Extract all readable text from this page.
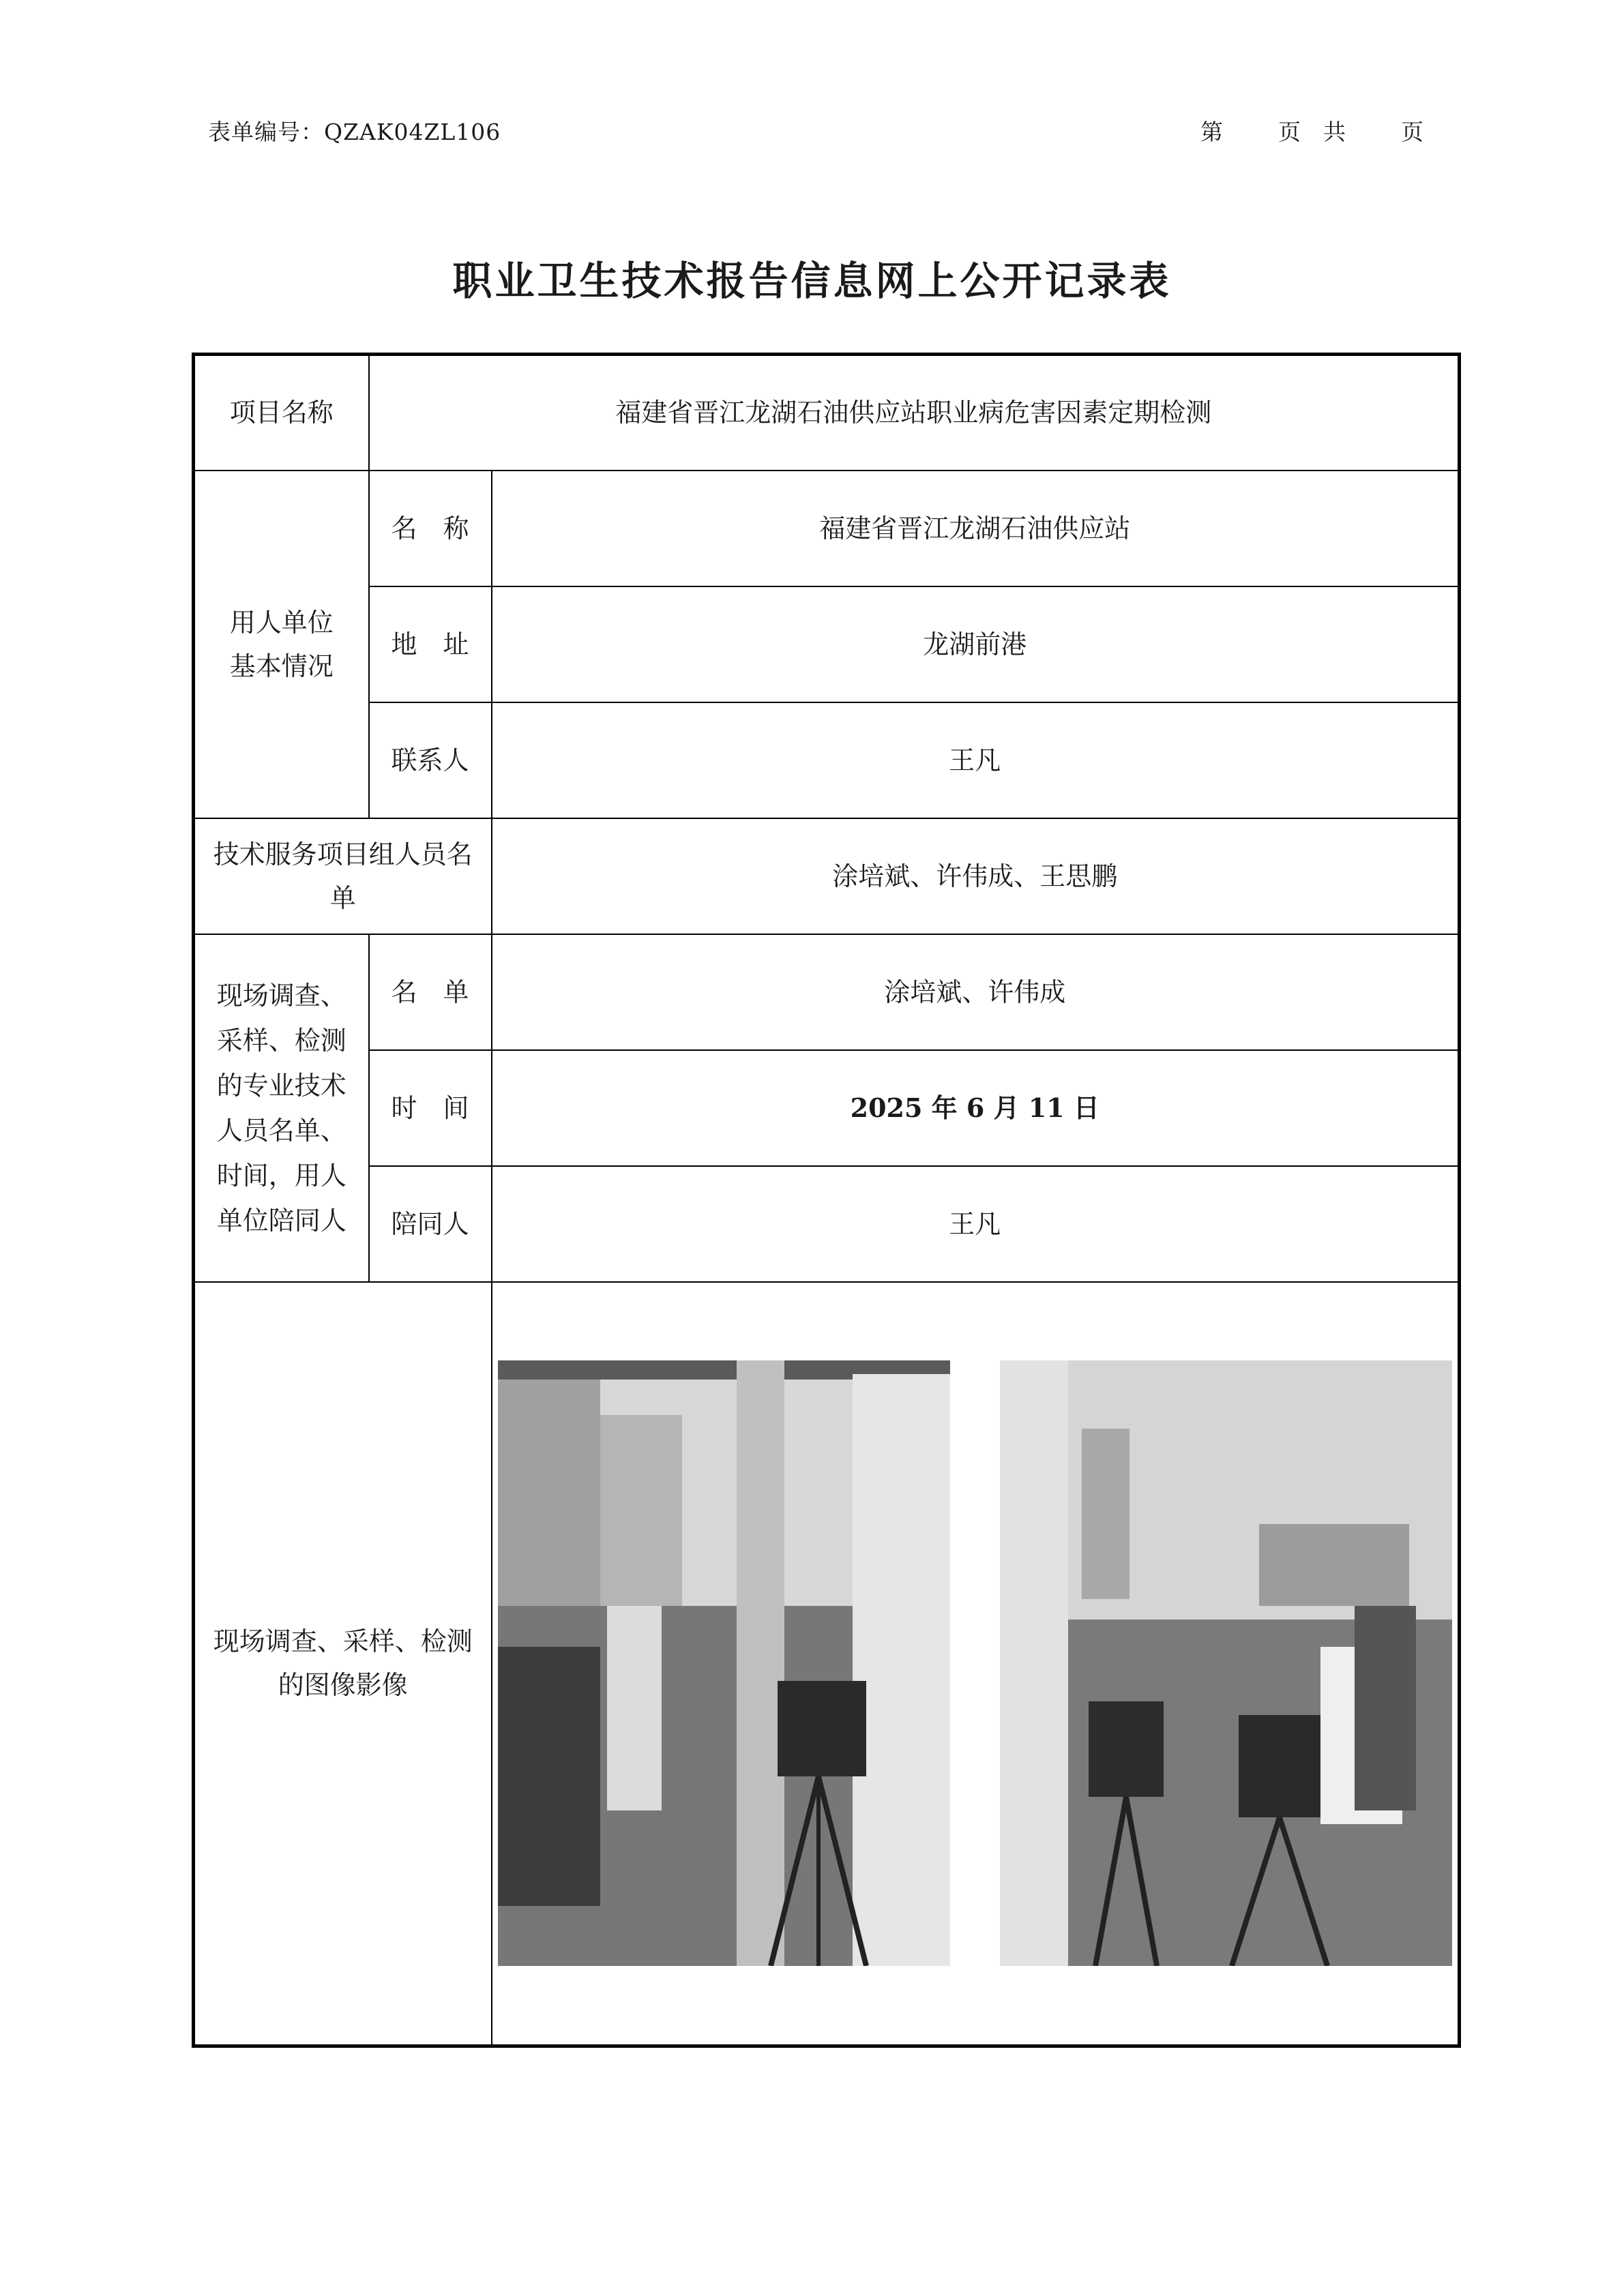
表单编号：QZAK04ZL106	第 页 共 页
职业卫生技术报告信息网上公开记录表
项目名称	福建省晋江龙湖石油供应站职业病危害因素定期检测	
用人单位基本情况	名　称	福建省晋江龙湖石油供应站
	地　址	龙湖前港
	联系人	王凡
技术服务项目组人员名单		涂培斌、许伟成、王思鹏
现场调查、采样、检测的专业技术人员名单、时间，用人单位陪同人	名　单	涂培斌、许伟成
	时　间	2025 年 6 月 11 日
	陪同人	王凡
现场调查、采样、检测的图像影像	
